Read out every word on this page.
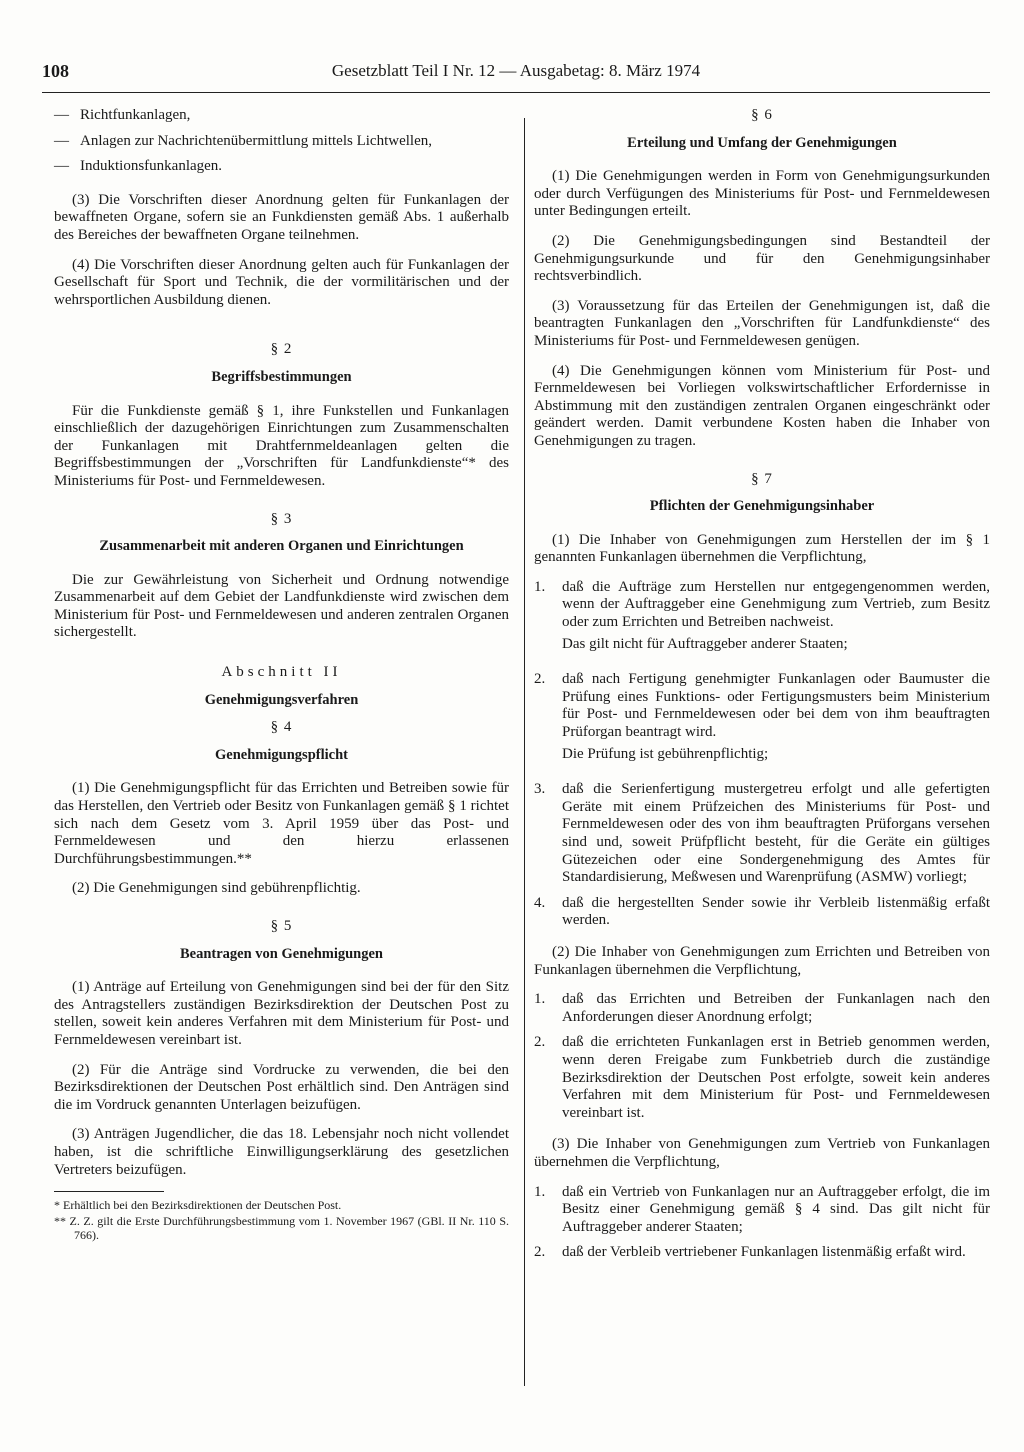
Gesetzblatt Teil I Nr. 12 — Ausgabetag: 8. März 1974
108
— Richtfunkanlagen,
— Anlagen zur Nachrichtenübermittlung mittels Lichtwellen,
— Induktionsfunkanlagen.

(3) Die Vorschriften dieser Anordnung gelten für Funkanlagen der bewaffneten Organe, sofern sie an Funkdiensten gemäß Abs. 1 außerhalb des Bereiches der bewaffneten Organe teilnehmen.

(4) Die Vorschriften dieser Anordnung gelten auch für Funkanlagen der Gesellschaft für Sport und Technik, die der vormilitärischen und der wehrsportlichen Ausbildung dienen.

§ 2

Begriffsbestimmungen

Für die Funkdienste gemäß § 1, ihre Funkstellen und Funkanlagen einschließlich der dazugehörigen Einrichtungen zum Zusammenschalten der Funkanlagen mit Drahtfernmeldeanlagen gelten die Begriffsbestimmungen der „Vorschriften für Landfunkdienste“* des Ministeriums für Post- und Fernmeldewesen.

§ 3

Zusammenarbeit mit anderen Organen und Einrichtungen

Die zur Gewährleistung von Sicherheit und Ordnung notwendige Zusammenarbeit auf dem Gebiet der Landfunkdienste wird zwischen dem Ministerium für Post- und Fernmeldewesen und anderen zentralen Organen sichergestellt.

Abschnitt II

Genehmigungsverfahren

§ 4

Genehmigungspflicht

(1) Die Genehmigungspflicht für das Errichten und Betreiben sowie für das Herstellen, den Vertrieb oder Besitz von Funkanlagen gemäß § 1 richtet sich nach dem Gesetz vom 3. April 1959 über das Post- und Fernmeldewesen und den hierzu erlassenen Durchführungsbestimmungen.**

(2) Die Genehmigungen sind gebührenpflichtig.

§ 5

Beantragen von Genehmigungen

(1) Anträge auf Erteilung von Genehmigungen sind bei der für den Sitz des Antragstellers zuständigen Bezirksdirektion der Deutschen Post zu stellen, soweit kein anderes Verfahren mit dem Ministerium für Post- und Fernmeldewesen vereinbart ist.

(2) Für die Anträge sind Vordrucke zu verwenden, die bei den Bezirksdirektionen der Deutschen Post erhältlich sind. Den Anträgen sind die im Vordruck genannten Unterlagen beizufügen.

(3) Anträgen Jugendlicher, die das 18. Lebensjahr noch nicht vollendet haben, ist die schriftliche Einwilligungserklärung des gesetzlichen Vertreters beizufügen.

* Erhältlich bei den Bezirksdirektionen der Deutschen Post.

** Z. Z. gilt die Erste Durchführungsbestimmung vom 1. November 1967 (GBl. II Nr. 110 S. 766).

§ 6

Erteilung und Umfang der Genehmigungen

(1) Die Genehmigungen werden in Form von Genehmigungsurkunden oder durch Verfügungen des Ministeriums für Post- und Fernmeldewesen unter Bedingungen erteilt.

(2) Die Genehmigungsbedingungen sind Bestandteil der Genehmigungsurkunde und für den Genehmigungsinhaber rechtsverbindlich.

(3) Voraussetzung für das Erteilen der Genehmigungen ist, daß die beantragten Funkanlagen den „Vorschriften für Landfunkdienste“ des Ministeriums für Post- und Fernmeldewesen genügen.

(4) Die Genehmigungen können vom Ministerium für Post- und Fernmeldewesen bei Vorliegen volkswirtschaftlicher Erfordernisse in Abstimmung mit den zuständigen zentralen Organen eingeschränkt oder geändert werden. Damit verbundene Kosten haben die Inhaber von Genehmigungen zu tragen.

§ 7

Pflichten der Genehmigungsinhaber

(1) Die Inhaber von Genehmigungen zum Herstellen der im § 1 genannten Funkanlagen übernehmen die Verpflichtung,

1.	daß die Aufträge zum Herstellen nur entgegengenommen werden, wenn der Auftraggeber eine Genehmigung zum Vertrieb, zum Besitz oder zum Errichten und Betreiben nachweist.
Das gilt nicht für Auftraggeber anderer Staaten;
2.	daß nach Fertigung genehmigter Funkanlagen oder Baumuster die Prüfung eines Funktions- oder Fertigungsmusters beim Ministerium für Post- und Fernmeldewesen oder bei dem von ihm beauftragten Prüforgan beantragt wird.
Die Prüfung ist gebührenpflichtig;
3.	daß die Serienfertigung mustergetreu erfolgt und alle gefertigten Geräte mit einem Prüfzeichen des Ministeriums für Post- und Fernmeldewesen oder des von ihm beauftragten Prüforgans versehen sind und, soweit Prüfpflicht besteht, für die Geräte ein gültiges Gütezeichen oder eine Sondergenehmigung des Amtes für Standardisierung, Meßwesen und Warenprüfung (ASMW) vorliegt;
4.	daß die hergestellten Sender sowie ihr Verbleib listenmäßig erfaßt werden.

(2) Die Inhaber von Genehmigungen zum Errichten und Betreiben von Funkanlagen übernehmen die Verpflichtung,

1.	daß das Errichten und Betreiben der Funkanlagen nach den Anforderungen dieser Anordnung erfolgt;
2.	daß die errichteten Funkanlagen erst in Betrieb genommen werden, wenn deren Freigabe zum Funkbetrieb durch die zuständige Bezirksdirektion der Deutschen Post erfolgte, soweit kein anderes Verfahren mit dem Ministerium für Post- und Fernmeldewesen vereinbart ist.

(3) Die Inhaber von Genehmigungen zum Vertrieb von Funkanlagen übernehmen die Verpflichtung,

1.	daß ein Vertrieb von Funkanlagen nur an Auftraggeber erfolgt, die im Besitz einer Genehmigung gemäß § 4 sind. Das gilt nicht für Auftraggeber anderer Staaten;
2.	daß der Verbleib vertriebener Funkanlagen listenmäßig erfaßt wird.
